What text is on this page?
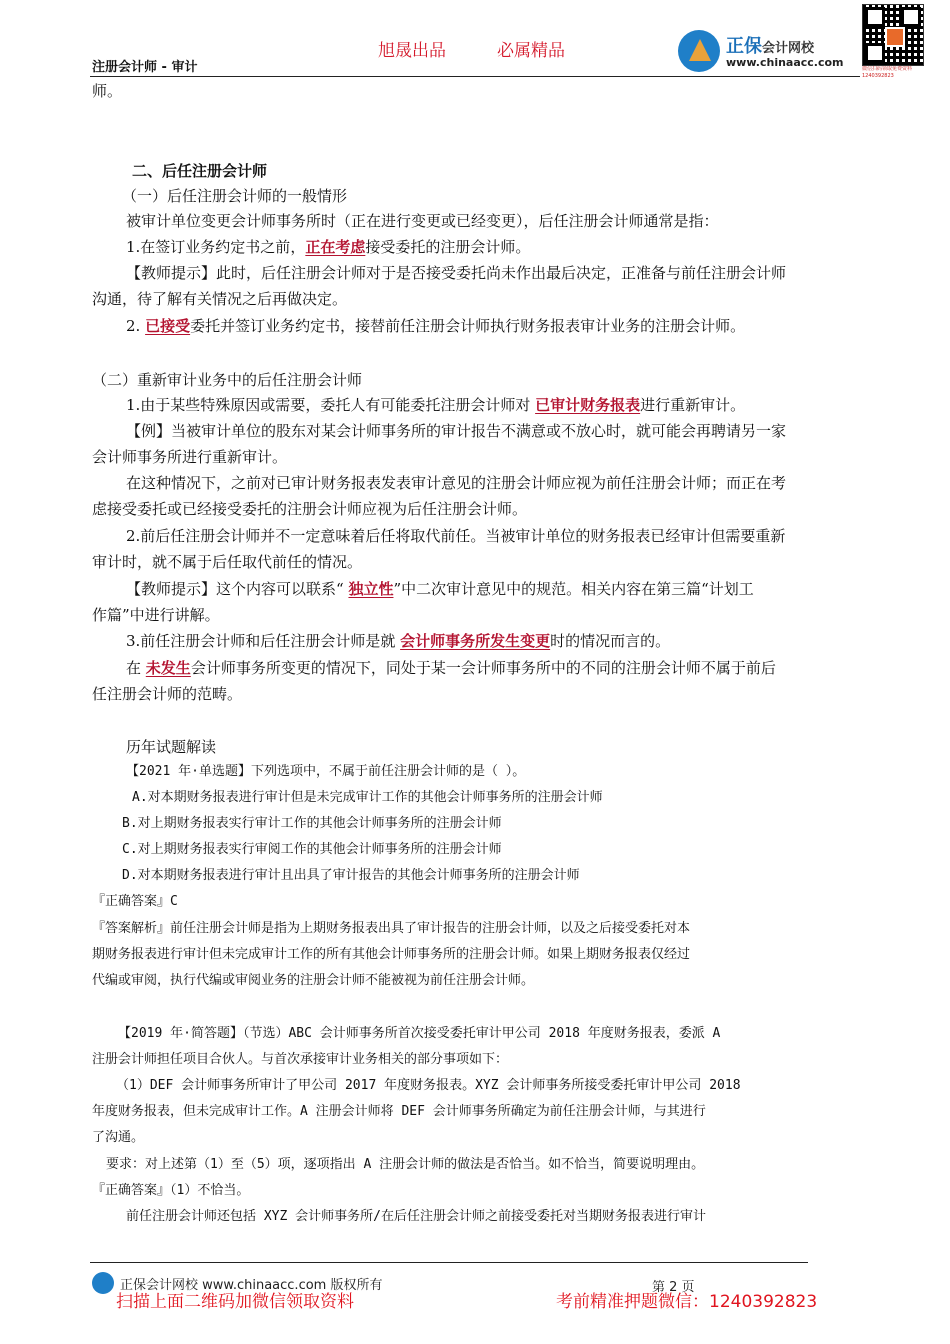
旭晟出品	必属精品
注册会计师 - 审计
正保会计网校
www.chinaacc.com	微信扫码领取免费资料
1240392823
师。
二、后任注册会计师
（一）后任注册会计师的一般情形
被审计单位变更会计师事务所时（正在进行变更或已经变更），后任注册会计师通常是指：
1.在签订业务约定书之前，正在考虑接受委托的注册会计师。
【教师提示】此时，后任注册会计师对于是否接受委托尚未作出最后决定，正准备与前任注册会计师
沟通，待了解有关情况之后再做决定。
2. 已接受委托并签订业务约定书，接替前任注册会计师执行财务报表审计业务的注册会计师。
（二）重新审计业务中的后任注册会计师
1.由于某些特殊原因或需要，委托人有可能委托注册会计师对 已审计财务报表进行重新审计。
【例】当被审计单位的股东对某会计师事务所的审计报告不满意或不放心时，就可能会再聘请另一家
会计师事务所进行重新审计。
在这种情况下，之前对已审计财务报表发表审计意见的注册会计师应视为前任注册会计师；而正在考
虑接受委托或已经接受委托的注册会计师应视为后任注册会计师。
2.前后任注册会计师并不一定意味着后任将取代前任。当被审计单位的财务报表已经审计但需要重新
审计时，就不属于后任取代前任的情况。
【教师提示】这个内容可以联系“ 独立性”中二次审计意见中的规范。相关内容在第三篇“计划工
作篇”中进行讲解。
3.前任注册会计师和后任注册会计师是就 会计师事务所发生变更时的情况而言的。
在 未发生会计师事务所变更的情况下，同处于某一会计师事务所中的不同的注册会计师不属于前后
任注册会计师的范畴。
历年试题解读
【2021 年·单选题】下列选项中，不属于前任注册会计师的是（ ）。
A.对本期财务报表进行审计但是未完成审计工作的其他会计师事务所的注册会计师
B.对上期财务报表实行审计工作的其他会计师事务所的注册会计师
C.对上期财务报表实行审阅工作的其他会计师事务所的注册会计师
D.对本期财务报表进行审计且出具了审计报告的其他会计师事务所的注册会计师
『正确答案』C
『答案解析』前任注册会计师是指为上期财务报表出具了审计报告的注册会计师，以及之后接受委托对本
期财务报表进行审计但未完成审计工作的所有其他会计师事务所的注册会计师。如果上期财务报表仅经过
代编或审阅，执行代编或审阅业务的注册会计师不能被视为前任注册会计师。
【2019 年·简答题】（节选）ABC 会计师事务所首次接受委托审计甲公司 2018 年度财务报表，委派 A
注册会计师担任项目合伙人。与首次承接审计业务相关的部分事项如下：
（1）DEF 会计师事务所审计了甲公司 2017 年度财务报表。XYZ 会计师事务所接受委托审计甲公司 2018
年度财务报表，但未完成审计工作。A 注册会计师将 DEF 会计师事务所确定为前任注册会计师，与其进行
了沟通。
要求：对上述第（1）至（5）项，逐项指出 A 注册会计师的做法是否恰当。如不恰当，简要说明理由。
『正确答案』（1）不恰当。
前任注册会计师还包括 XYZ 会计师事务所/在后任注册会计师之前接受委托对当期财务报表进行审计
正保会计网校 www.chinaacc.com 版权所有	第 2 页
扫描上面二维码加微信领取资料	考前精准押题微信：1240392823
